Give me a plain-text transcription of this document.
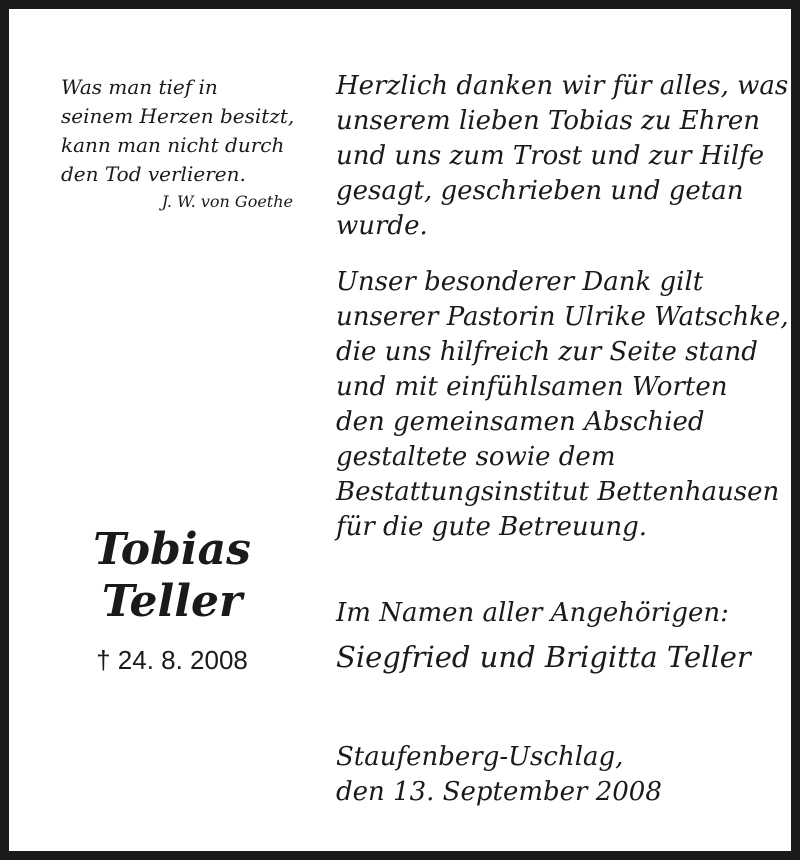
Was man tief in
seinem Herzen besitzt,
kann man nicht durch
den Tod verlieren.
J. W. von Goethe
Herzlich danken wir für alles, was
unserem lieben Tobias zu Ehren
und uns zum Trost und zur Hilfe
gesagt, geschrieben und getan
wurde.
Unser besonderer Dank gilt
unserer Pastorin Ulrike Watschke,
die uns hilfreich zur Seite stand
und mit einfühlsamen Worten
den gemeinsamen Abschied
gestaltete sowie dem
Bestattungsinstitut Bettenhausen
für die gute Betreuung.
Tobias
Teller
† 24. 8. 2008
Im Namen aller Angehörigen:
Siegfried und Brigitta Teller
Staufenberg-Uschlag,
den 13. September 2008
